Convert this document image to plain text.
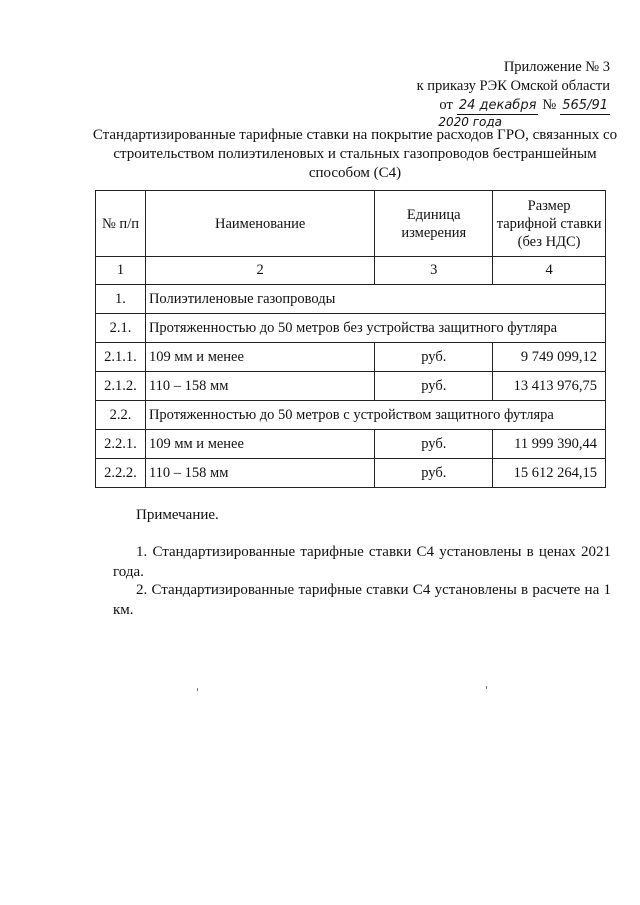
Приложение № 3
к приказу РЭК Омской области
от 24 декабря № 565/91
2020 года
Стандартизированные тарифные ставки на покрытие расходов ГРО, связанных со строительством полиэтиленовых и стальных газопроводов бестраншейным способом (С4)
№ п/п	Наименование	Единица измерения	Размер тарифной ставки (без НДС)
1	2	3	4
1.	Полиэтиленовые газопроводы		
2.1.	Протяженностью до 50 метров без устройства защитного футляра		
2.1.1.	109 мм и менее	руб.	9 749 099,12
2.1.2.	110 – 158 мм	руб.	13 413 976,75
2.2.	Протяженностью до 50 метров с устройством защитного футляра		
2.2.1.	109 мм и менее	руб.	11 999 390,44
2.2.2.	110 – 158 мм	руб.	15 612 264,15

Примечание.

1. Стандартизированные тарифные ставки С4 установлены в ценах 2021 года.

2. Стандартизированные тарифные ставки С4 установлены в расчете на 1 км.
